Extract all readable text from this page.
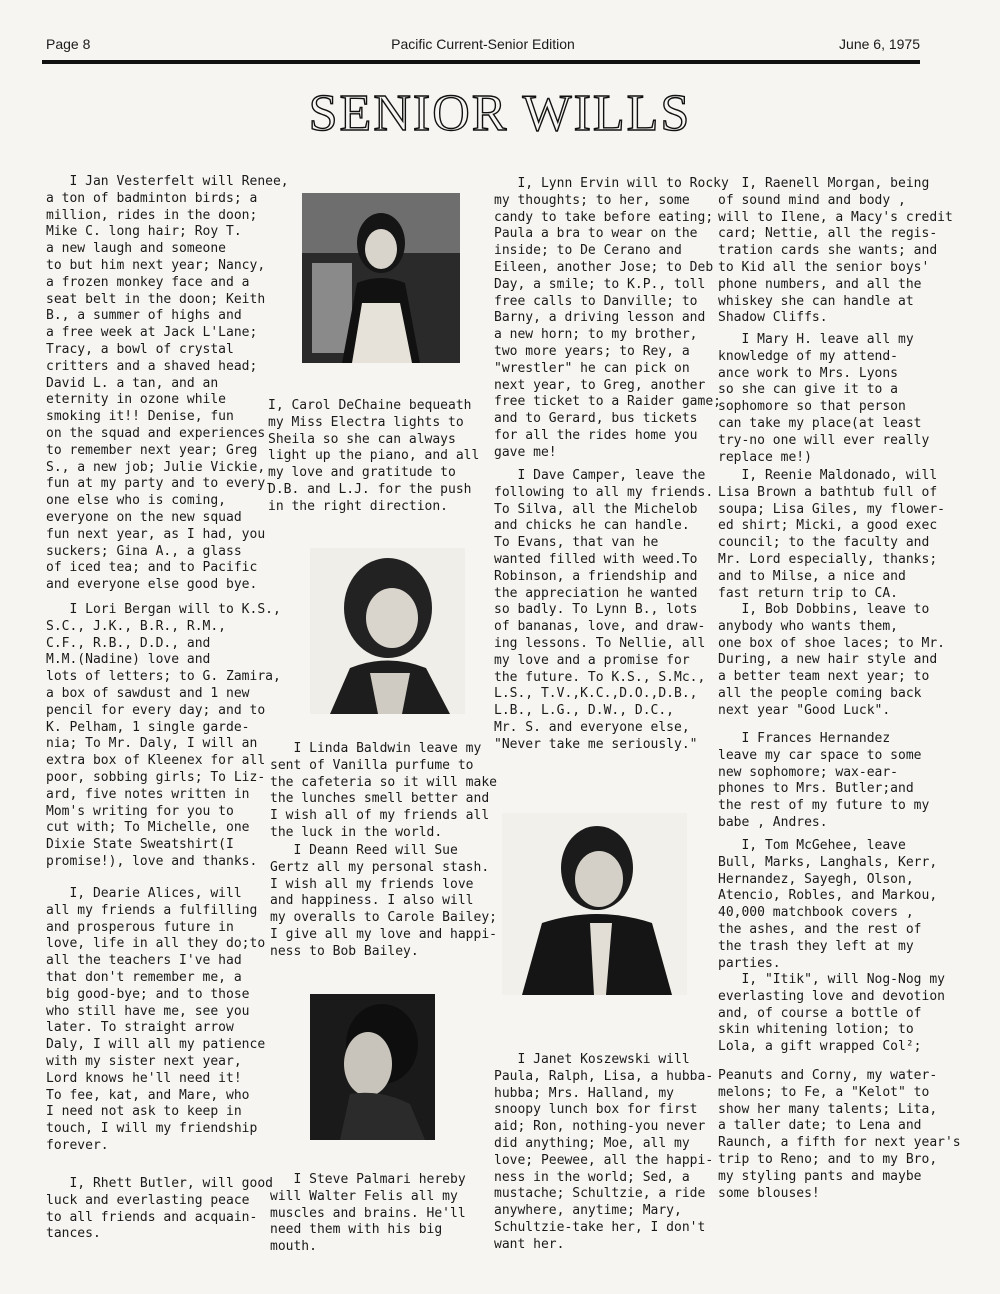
Page 8	Pacific Current-Senior Edition	June 6, 1975
SENIOR WILLS
I Jan Vesterfelt will Renee,
a ton of badminton birds; a
million, rides in the doon;
Mike C. long hair; Roy T.
a new laugh and someone
to but him next year; Nancy,
a frozen monkey face and a
seat belt in the doon; Keith
B., a summer of highs and
a free week at Jack L'Lane;
Tracy, a bowl of crystal
critters and a shaved head;
David L. a tan, and an
eternity in ozone while
smoking it!! Denise, fun
on the squad and experiences
to remember next year; Greg
S., a new job; Julie Vickie,
fun at my party and to every-
one else who is coming,
everyone on the new squad
fun next year, as I had, you
suckers; Gina A., a glass
of iced tea; and to Pacific
and everyone else good bye.
I Lori Bergan will to K.S.,
S.C., J.K., B.R., R.M.,
C.F., R.B., D.D., and
M.M.(Nadine) love and
lots of letters; to G. Zamira,
a box of sawdust and 1 new
pencil for every day; and to
K. Pelham, 1 single garde-
nia; To Mr. Daly, I will an
extra box of Kleenex for all
poor, sobbing girls; To Liz-
ard, five notes written in
Mom's writing for you to
cut with; To Michelle, one
Dixie State Sweatshirt(I
promise!), love and thanks.
I, Dearie Alices, will
all my friends a fulfilling
and prosperous future in
love, life in all they do;to
all the teachers I've had
that don't remember me, a
big good-bye; and to those
who still have me, see you
later. To straight arrow
Daly, I will all my patience
with my sister next year,
Lord knows he'll need it!
To fee, kat, and Mare, who
I need not ask to keep in
touch, I will my friendship
forever.
I, Rhett Butler, will good
luck and everlasting peace
to all friends and acquain-
tances.
I, Carol DeChaine bequeath
my Miss Electra lights to
Sheila so she can always
light up the piano, and all
my love and gratitude to
D.B. and L.J. for the push
in the right direction.
I Linda Baldwin leave my
sent of Vanilla purfume to
the cafeteria so it will make
the lunches smell better and
I wish all of my friends all
the luck in the world.
I Deann Reed will Sue
Gertz all my personal stash.
I wish all my friends love
and happiness. I also will
my overalls to Carole Bailey;
I give all my love and happi-
ness to Bob Bailey.
I Steve Palmari hereby
will Walter Felis all my
muscles and brains. He'll
need them with his big
mouth.
I, Lynn Ervin will to Rocky
my thoughts; to her, some
candy to take before eating;
Paula a bra to wear on the
inside; to De Cerano and
Eileen, another Jose; to Deb
Day, a smile; to K.P., toll
free calls to Danville; to
Barny, a driving lesson and
a new horn; to my brother,
two more years; to Rey, a
"wrestler" he can pick on
next year, to Greg, another
free ticket to a Raider game;
and to Gerard, bus tickets
for all the rides home you
gave me!
I Dave Camper, leave the
following to all my friends.
To Silva, all the Michelob
and chicks he can handle.
To Evans, that van he
wanted filled with weed.To
Robinson, a friendship and
the appreciation he wanted
so badly. To Lynn B., lots
of bananas, love, and draw-
ing lessons. To Nellie, all
my love and a promise for
the future. To K.S., S.Mc.,
L.S., T.V.,K.C.,D.O.,D.B.,
L.B., L.G., D.W., D.C.,
Mr. S. and everyone else,
"Never take me seriously."
I Janet Koszewski will
Paula, Ralph, Lisa, a hubba-
hubba; Mrs. Halland, my
snoopy lunch box for first
aid; Ron, nothing-you never
did anything; Moe, all my
love; Peewee, all the happi-
ness in the world; Sed, a
mustache; Schultzie, a ride
anywhere, anytime; Mary,
Schultzie-take her, I don't
want her.
I, Raenell Morgan, being
of sound mind and body ,
will to Ilene, a Macy's credit
card; Nettie, all the regis-
tration cards she wants; and
to Kid all the senior boys'
phone numbers, and all the
whiskey she can handle at
Shadow Cliffs.
I Mary H. leave all my
knowledge of my attend-
ance work to Mrs. Lyons
so she can give it to a
sophomore so that person
can take my place(at least
try-no one will ever really
replace me!)
I, Reenie Maldonado, will
Lisa Brown a bathtub full of
soupa; Lisa Giles, my flower-
ed shirt; Micki, a good exec
council; to the faculty and
Mr. Lord especially, thanks;
and to Milse, a nice and
fast return trip to CA.
I, Bob Dobbins, leave to
anybody who wants them,
one box of shoe laces; to Mr.
During, a new hair style and
a better team next year; to
all the people coming back
next year "Good Luck".
I Frances Hernandez
leave my car space to some
new sophomore; wax-ear-
phones to Mrs. Butler;and
the rest of my future to my
babe , Andres.
I, Tom McGehee, leave
Bull, Marks, Langhals, Kerr,
Hernandez, Sayegh, Olson,
Atencio, Robles, and Markou,
40,000 matchbook covers ,
the ashes, and the rest of
the trash they left at my
parties.
I, "Itik", will Nog-Nog my
everlasting love and devotion
and, of course a bottle of
skin whitening lotion; to
Lola, a gift wrapped Col²;
Peanuts and Corny, my water-
melons; to Fe, a "Kelot" to
show her many talents; Lita,
a taller date; to Lena and
Raunch, a fifth for next year's
trip to Reno; and to my Bro,
my styling pants and maybe
some blouses!
